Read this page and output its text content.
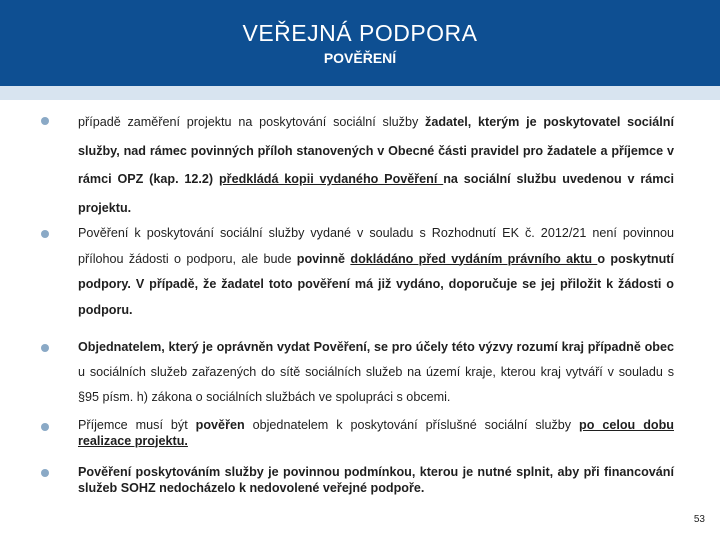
VEŘEJNÁ PODPORA
POVĚŘENÍ
případě zaměření projektu na poskytování sociální služby žadatel, kterým je poskytovatel sociální služby, nad rámec povinných příloh stanovených v Obecné části pravidel pro žadatele a příjemce v rámci OPZ (kap. 12.2) předkládá kopii vydaného Pověření na sociální službu uvedenou v rámci projektu.
Pověření k poskytování sociální služby vydané v souladu s Rozhodnutí EK č. 2012/21 není povinnou přílohou žádosti o podporu, ale bude povinně dokládáno před vydáním právního aktu o poskytnutí podpory. V případě, že žadatel toto pověření má již vydáno, doporučuje se jej přiložit k žádosti o podporu.
Objednatelem, který je oprávněn vydat Pověření, se pro účely této výzvy rozumí kraj případně obec u sociálních služeb zařazených do sítě sociálních služeb na území kraje, kterou kraj vytváří v souladu s §95 písm. h) zákona o sociálních službách ve spolupráci s obcemi.
Příjemce musí být pověřen objednatelem k poskytování příslušné sociální služby po celou dobu realizace projektu.
Pověření poskytováním služby je povinnou podmínkou, kterou je nutné splnit, aby při financování služeb SOHZ nedocházelo k nedovolené veřejné podpoře.
53
